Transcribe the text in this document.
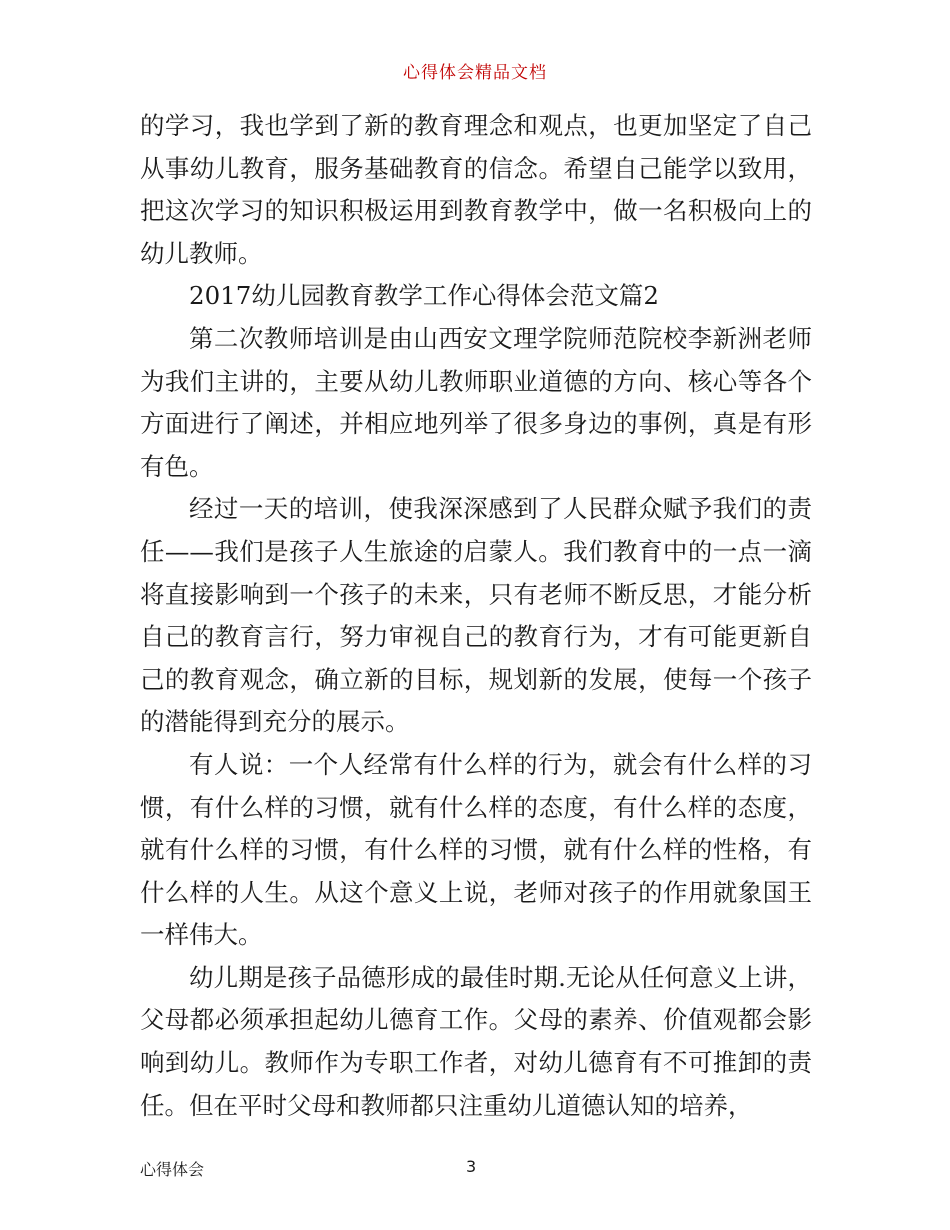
心得体会精品文档

的学习，我也学到了新的教育理念和观点，也更加坚定了自己从事幼儿教育，服务基础教育的信念。希望自己能学以致用，把这次学习的知识积极运用到教育教学中，做一名积极向上的幼儿教师。

2017幼儿园教育教学工作心得体会范文篇2

第二次教师培训是由山西安文理学院师范院校李新洲老师为我们主讲的，主要从幼儿教师职业道德的方向、核心等各个方面进行了阐述，并相应地列举了很多身边的事例，真是有形有色。

经过一天的培训，使我深深感到了人民群众赋予我们的责任——我们是孩子人生旅途的启蒙人。我们教育中的一点一滴将直接影响到一个孩子的未来，只有老师不断反思，才能分析自己的教育言行，努力审视自己的教育行为，才有可能更新自己的教育观念，确立新的目标，规划新的发展，使每一个孩子的潜能得到充分的展示。

有人说：一个人经常有什么样的行为，就会有什么样的习惯，有什么样的习惯，就有什么样的态度，有什么样的态度，就有什么样的习惯，有什么样的习惯，就有什么样的性格，有什么样的人生。从这个意义上说，老师对孩子的作用就象国王一样伟大。

幼儿期是孩子品德形成的最佳时期.无论从任何意义上讲，父母都必须承担起幼儿德育工作。父母的素养、价值观都会影响到幼儿。教师作为专职工作者，对幼儿德育有不可推卸的责任。但在平时父母和教师都只注重幼儿道德认知的培养，

心得体会	3
